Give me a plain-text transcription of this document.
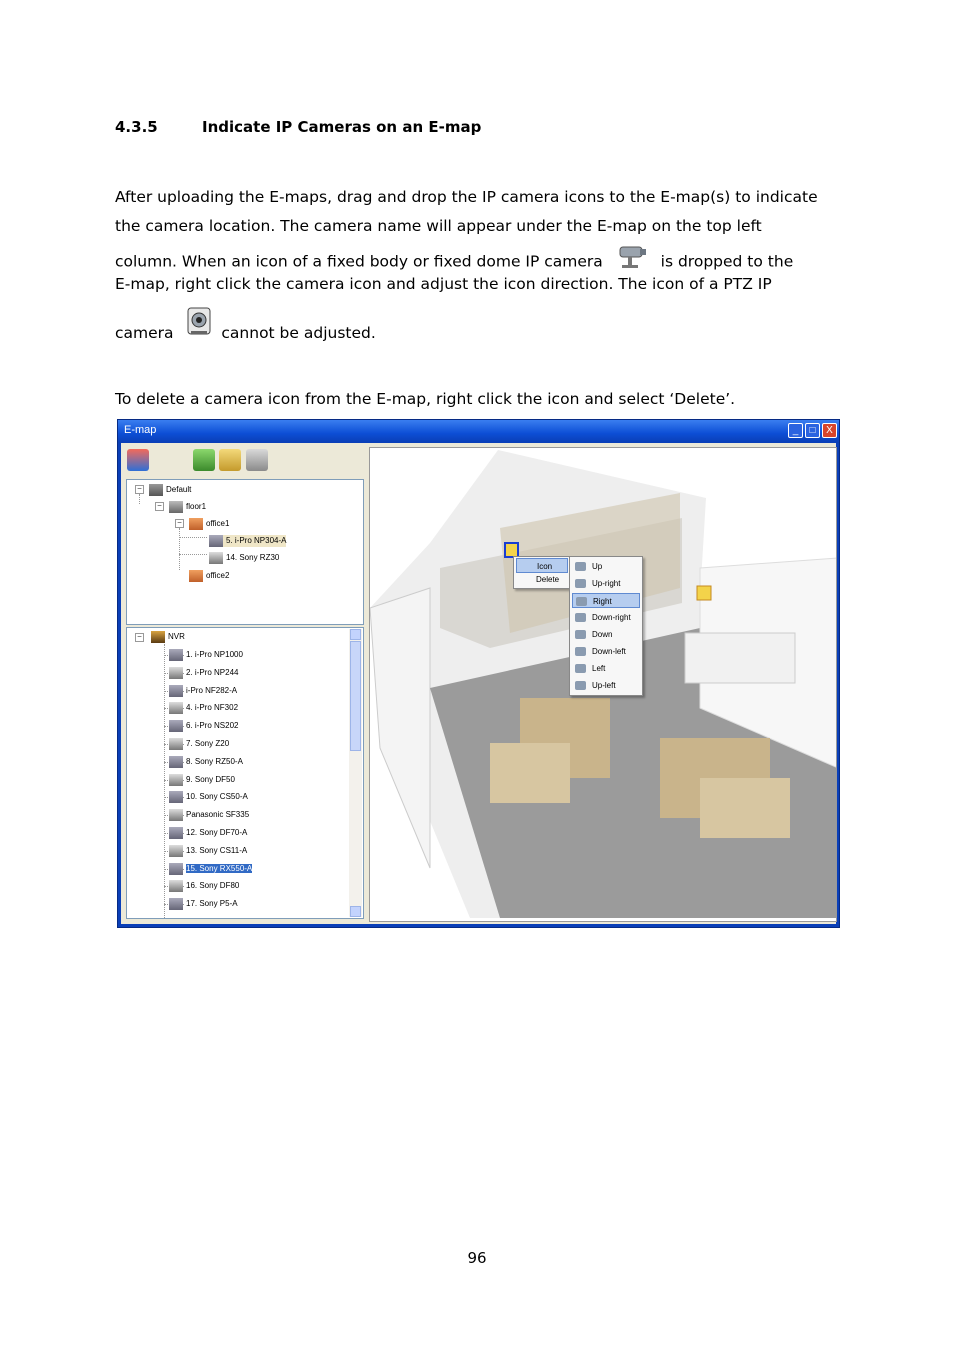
4.3.5	Indicate IP Cameras on an E-map
After uploading the E-maps, drag and drop the IP camera icons to the E-map(s) to indicate
the camera location. The camera name will appear under the E-map on the top left
column. When an icon of a fixed body or fixed dome IP camera	is dropped to the
E-map, right click the camera icon and adjust the icon direction. The icon of a PTZ IP
camera	cannot be adjusted.
To delete a camera icon from the E-map, right click the icon and select ‘Delete’.
E-map	_	□	X
−	Default
−	floor1
−	office1
5. i-Pro NP304-A
14. Sony RZ30
office2
−	NVR
1. i-Pro NP1000
2. i-Pro NP244
i-Pro NF282-A
4. i-Pro NF302
6. i-Pro NS202
7. Sony Z20
8. Sony RZ50-A
9. Sony DF50
10. Sony CS50-A
Panasonic SF335
12. Sony DF70-A
13. Sony CS11-A
15. Sony RX550-A
16. Sony DF80
17. Sony P5-A
Icon
Delete
Up
Up-right
Right
Down-right
Down
Down-left
Left
Up-left
96
